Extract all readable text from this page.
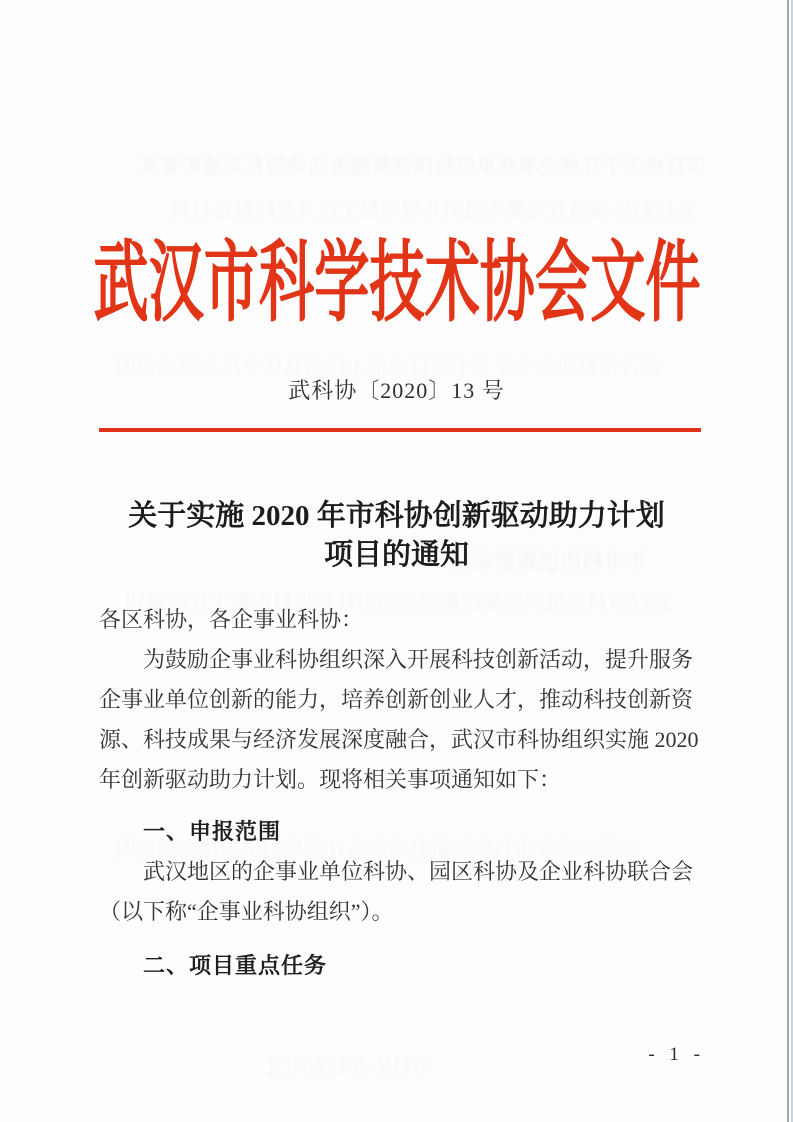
市科协关于开展企事业单位科技创新服务活动的有关通知要求
各区科协按照有关要求组织开展申报工作并及时报送材料
武汉市科协办公室关于项目申报工作的具体安排和要求说明
年市科协创新驱动助
武汉市科协组织实施创新驱动助力计划项目申报工作的通知
二〇二〇年市科协创新驱动助力计划项目申报指南的说明
市科协办公室印发
武汉市科学技术协会文件
武科协〔2020〕13 号
关于实施 2020 年市科协创新驱动助力计划
项目的通知
各区科协，各企事业科协：
为鼓励企事业科协组织深入开展科技创新活动，提升服务
企事业单位创新的能力，培养创新创业人才，推动科技创新资
源、科技成果与经济发展深度融合，武汉市科协组织实施 2020
年创新驱动助力计划。现将相关事项通知如下：
一、申报范围
武汉地区的企事业单位科协、园区科协及企业科协联合会
（以下称“企事业科协组织”）。
二、项目重点任务
- 1 -
